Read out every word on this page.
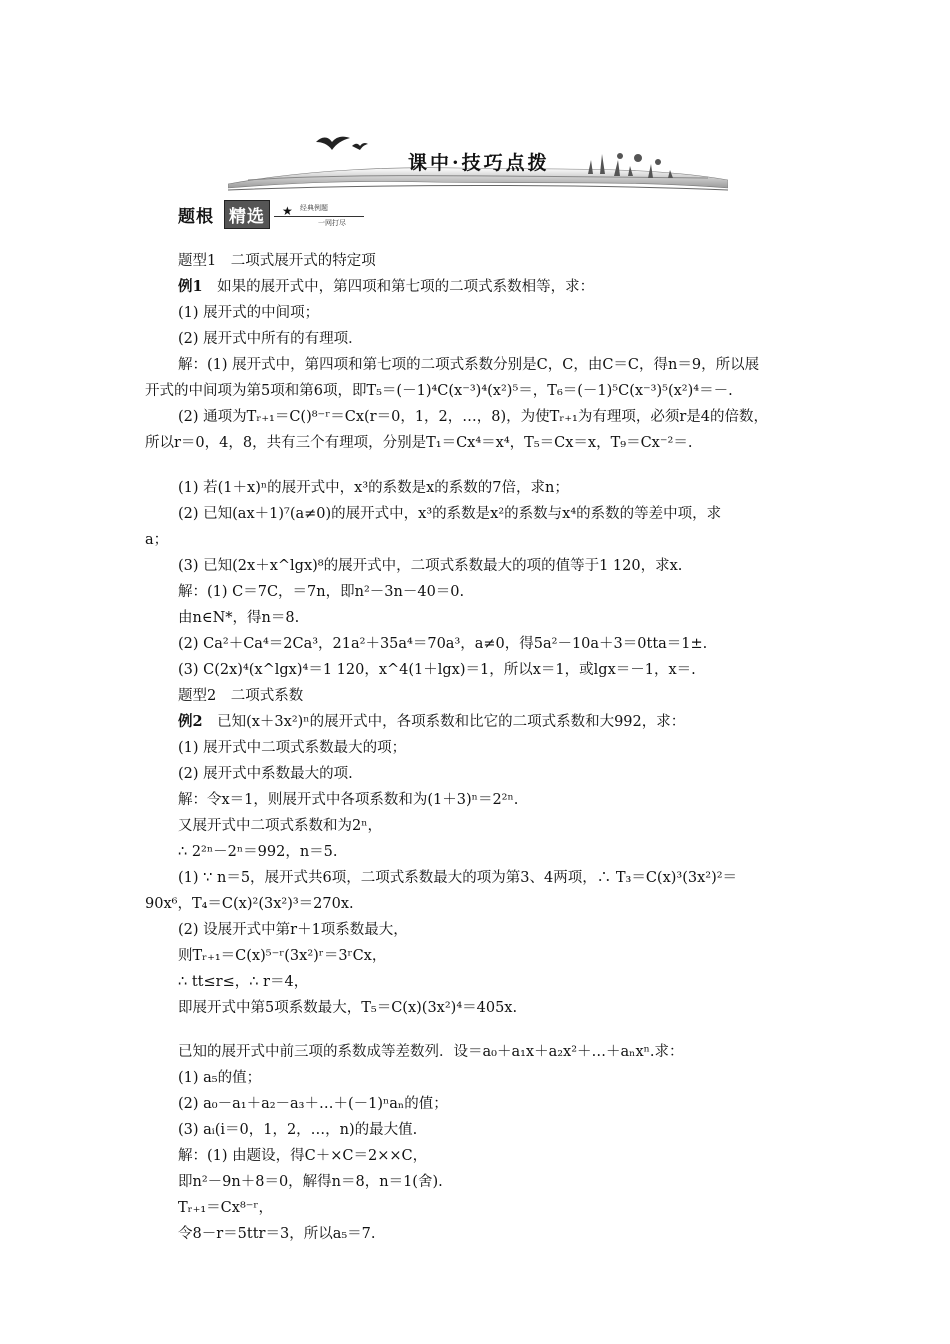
课中·技巧点拨
题根 精选	★ 经典例题
一网打尽
题型1　二项式展开式的特定项
例1　 如果的展开式中，第四项和第七项的二项式系数相等，求：
(1) 展开式的中间项；
(2) 展开式中所有的有理项．
解：(1) 展开式中，第四项和第七项的二项式系数分别是C，C，由C＝C，得n＝9，所以展
开式的中间项为第5项和第6项，即T₅＝(－1)⁴C(x⁻³)⁴(x²)⁵＝，T₆＝(－1)⁵C(x⁻³)⁵(x²)⁴＝－.
(2) 通项为Tᵣ₊₁＝C()⁸⁻ʳ＝Cx(r＝0，1，2，…，8)，为使Tᵣ₊₁为有理项，必须r是4的倍数，
所以r＝0，4，8，共有三个有理项，分别是T₁＝Cx⁴＝x⁴，T₅＝Cx＝x，T₉＝Cx⁻²＝.
(1) 若(1＋x)ⁿ的展开式中，x³的系数是x的系数的7倍，求n；
(2) 已知(ax＋1)⁷(a≠0)的展开式中，x³的系数是x²的系数与x⁴的系数的等差中项，求
a；
(3) 已知(2x＋x^lgx)⁸的展开式中，二项式系数最大的项的值等于1 120，求x.
解：(1) C＝7C，＝7n，即n²－3n－40＝0.
由n∈N*，得n＝8.
(2) Ca²＋Ca⁴＝2Ca³，21a²＋35a⁴＝70a³，a≠0，得5a²－10a＋3＝0tta＝1±.
(3) C(2x)⁴(x^lgx)⁴＝1 120，x^4(1＋lgx)＝1，所以x＝1，或lgx＝－1，x＝.
题型2　二项式系数
例2　 已知(x＋3x²)ⁿ的展开式中，各项系数和比它的二项式系数和大992，求：
(1) 展开式中二项式系数最大的项；
(2) 展开式中系数最大的项.
解：令x＝1，则展开式中各项系数和为(1＋3)ⁿ＝2²ⁿ.
又展开式中二项式系数和为2ⁿ，
∴ 2²ⁿ－2ⁿ＝992，n＝5.
(1) ∵ n＝5，展开式共6项，二项式系数最大的项为第3、4两项，∴ T₃＝C(x)³(3x²)²＝
90x⁶，T₄＝C(x)²(3x²)³＝270x.
(2) 设展开式中第r＋1项系数最大，
则Tᵣ₊₁＝C(x)⁵⁻ʳ(3x²)ʳ＝3ʳCx，
∴ tt≤r≤，∴ r＝4，
即展开式中第5项系数最大，T₅＝C(x)(3x²)⁴＝405x.
已知的展开式中前三项的系数成等差数列．设＝a₀＋a₁x＋a₂x²＋…＋aₙxⁿ.求：
(1) a₅的值；
(2) a₀－a₁＋a₂－a₃＋…＋(－1)ⁿaₙ的值；
(3) aᵢ(i＝0，1，2，…，n)的最大值.
解：(1) 由题设，得C＋×C＝2××C，
即n²－9n＋8＝0，解得n＝8，n＝1(舍).
Tᵣ₊₁＝Cx⁸⁻ʳ，
令8－r＝5ttr＝3，所以a₅＝7.
